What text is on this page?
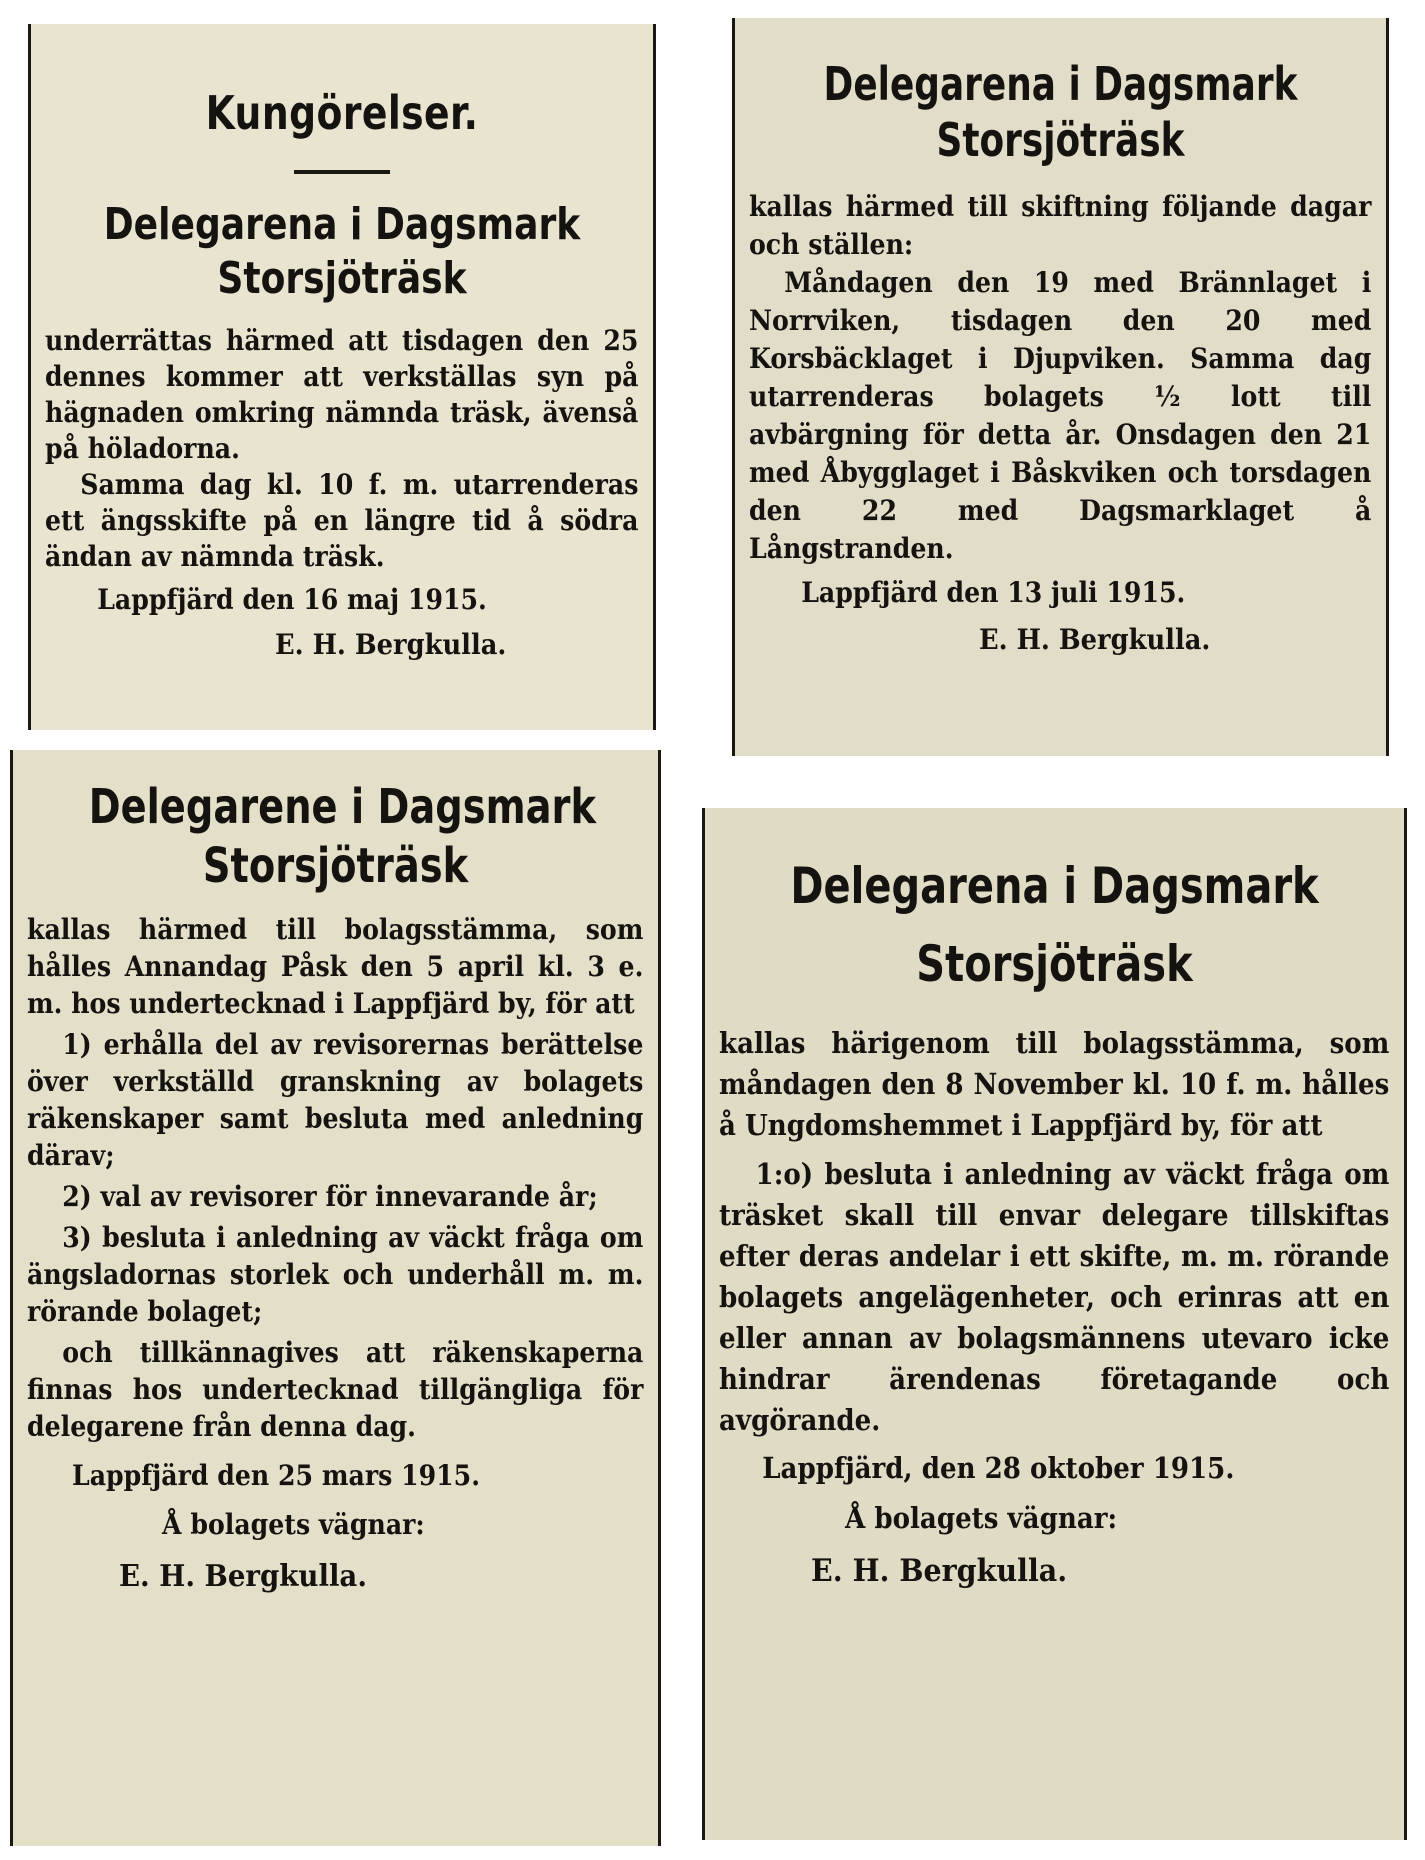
Kungörelser.
Delegarena i Dagsmark
Storsjöträsk

underrättas härmed att tisdagen den 25 dennes kommer att verkställas syn på hägnaden omkring nämnda träsk, ävenså på höladorna.

Samma dag kl. 10 f. m. utarrenderas ett ängsskifte på en längre tid å södra ändan av nämnda träsk.

Lappfjärd den 16 maj 1915.
E. H. Bergkulla.
Delegarena i Dagsmark
Storsjöträsk

kallas härmed till skiftning följande dagar och ställen:

Måndagen den 19 med Brännlaget i Norrviken, tisdagen den 20 med Korsbäcklaget i Djupviken. Samma dag utarrenderas bolagets ½ lott till avbärgning för detta år. Onsdagen den 21 med Åbygglaget i Båskviken och torsdagen den 22 med Dagsmarklaget å Långstranden.

Lappfjärd den 13 juli 1915.
E. H. Bergkulla.
Delegarene i Dagsmark
Storsjöträsk

kallas härmed till bolagsstämma, som hålles Annandag Påsk den 5 april kl. 3 e. m. hos undertecknad i Lappfjärd by, för att

1) erhålla del av revisorernas berättelse över verkställd granskning av bolagets räkenskaper samt besluta med anledning därav;

2) val av revisorer för innevarande år;

3) besluta i anledning av väckt fråga om ängsladornas storlek och underhåll m. m. rörande bolaget;

och tillkännagives att räkenskaperna finnas hos undertecknad tillgängliga för delegarene från denna dag.

Lappfjärd den 25 mars 1915.
Å bolagets vägnar:
E. H. Bergkulla.
Delegarena i Dagsmark
Storsjöträsk

kallas härigenom till bolagsstämma, som måndagen den 8 November kl. 10 f. m. hålles å Ungdomshemmet i Lappfjärd by, för att

1:o) besluta i anledning av väckt fråga om träsket skall till envar delegare tillskiftas efter deras andelar i ett skifte, m. m. rörande bolagets angelägenheter, och erinras att en eller annan av bolagsmännens utevaro icke hindrar ärendenas företagande och avgörande.

Lappfjärd, den 28 oktober 1915.
Å bolagets vägnar:
E. H. Bergkulla.
